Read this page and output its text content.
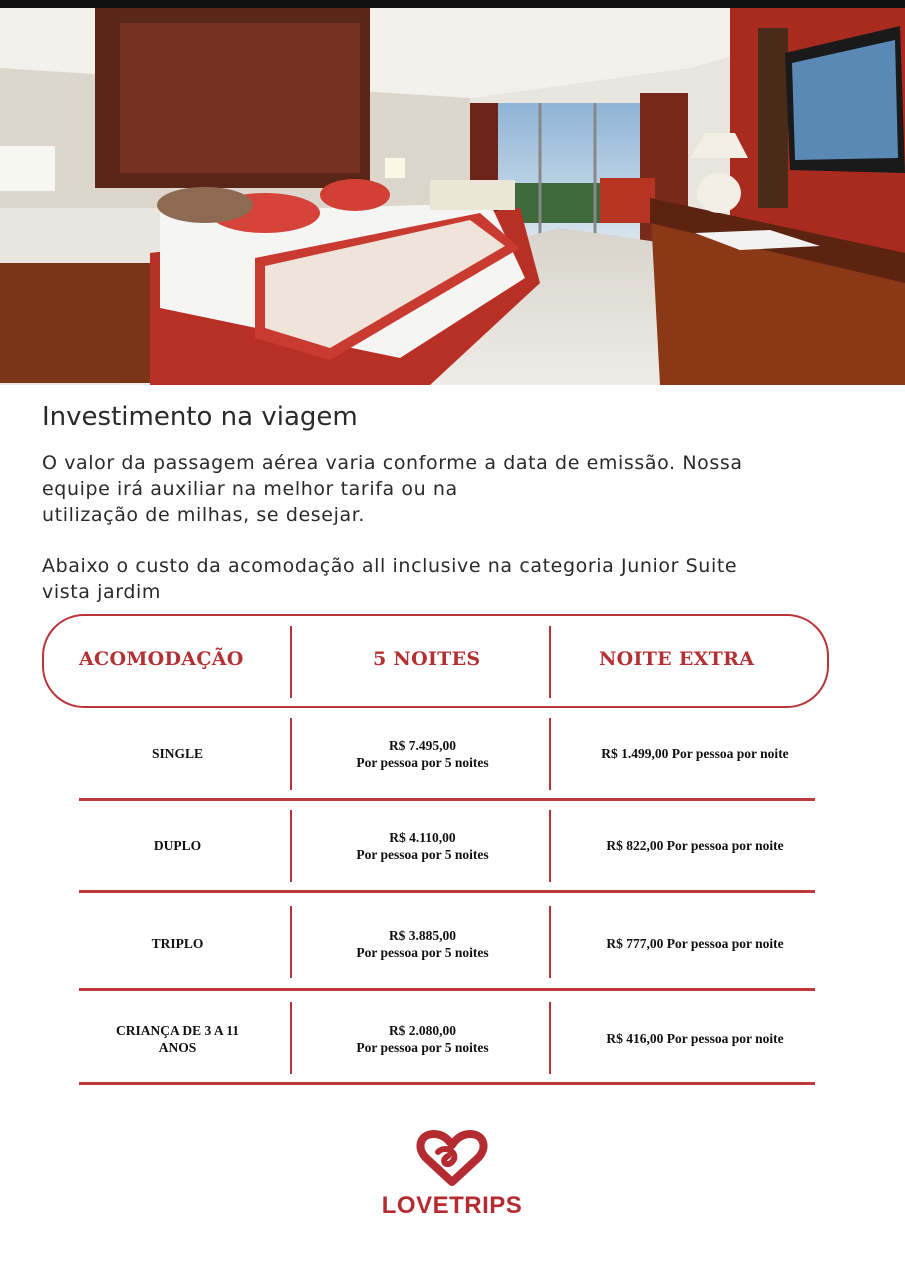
Investimento na viagem

O valor da passagem aérea varia conforme a data de emissão. Nossa
equipe irá auxiliar na melhor tarifa ou na
utilização de milhas, se desejar.

Abaixo o custo da acomodação all inclusive na categoria Junior Suite
vista jardim

ACOMODAÇÃO	5 NOITES	NOITE EXTRA
SINGLE
R$ 7.495,00
Por pessoa por 5 noites
R$ 1.499,00 Por pessoa por noite
DUPLO
R$ 4.110,00
Por pessoa por 5 noites
R$ 822,00 Por pessoa por noite
TRIPLO
R$ 3.885,00
Por pessoa por 5 noites
R$ 777,00 Por pessoa por noite
CRIANÇA DE 3 A 11
ANOS
R$ 2.080,00
Por pessoa por 5 noites
R$ 416,00 Por pessoa por noite
LOVETRIPS
